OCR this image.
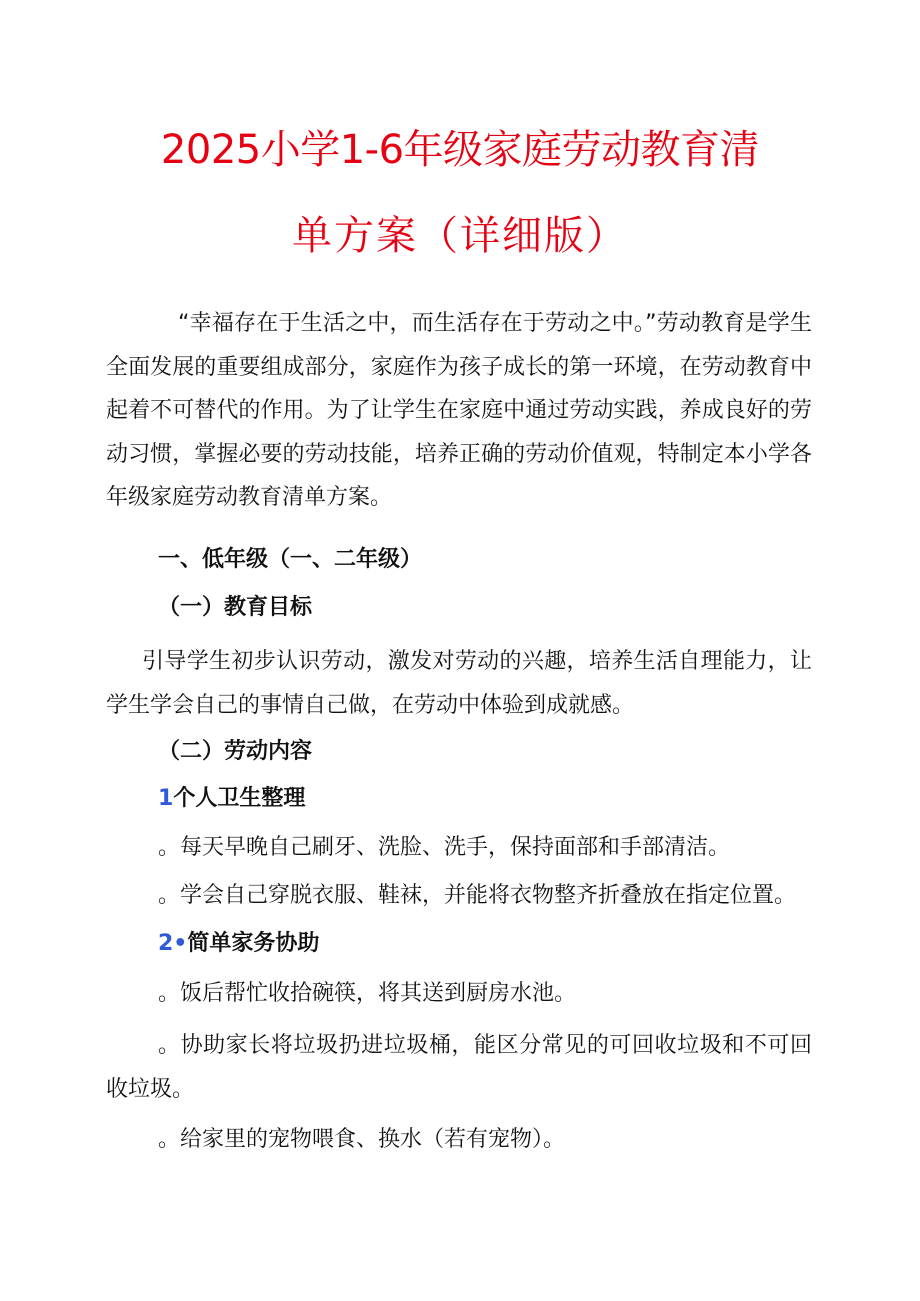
2025小学1-6年级家庭劳动教育清
单方案（详细版）
“幸福存在于生活之中，而生活存在于劳动之中。”劳动教育是学生全面发展的重要组成部分，家庭作为孩子成长的第一环境，在劳动教育中起着不可替代的作用。为了让学生在家庭中通过劳动实践，养成良好的劳动习惯，掌握必要的劳动技能，培养正确的劳动价值观，特制定本小学各年级家庭劳动教育清单方案。
一、低年级（一、二年级）
（一）教育目标
引导学生初步认识劳动，激发对劳动的兴趣，培养生活自理能力，让学生学会自己的事情自己做，在劳动中体验到成就感。
（二）劳动内容
1个人卫生整理
。每天早晚自己刷牙、洗脸、洗手，保持面部和手部清洁。
。学会自己穿脱衣服、鞋袜，并能将衣物整齐折叠放在指定位置。
2•简单家务协助
。饭后帮忙收拾碗筷，将其送到厨房水池。
。协助家长将垃圾扔进垃圾桶，能区分常见的可回收垃圾和不可回收垃圾。
。给家里的宠物喂食、换水（若有宠物）。
